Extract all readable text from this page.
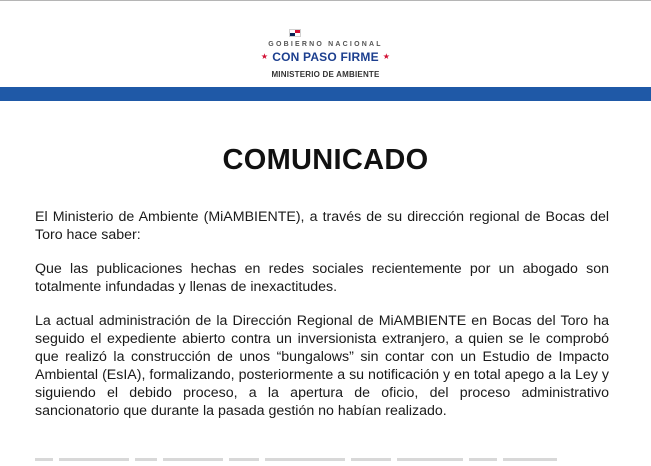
GOBIERNO NACIONAL
★ CON PASO FIRME ★
MINISTERIO DE AMBIENTE
COMUNICADO

El Ministerio de Ambiente (MiAMBIENTE), a través de su dirección regional de Bocas del Toro hace saber:

Que las publicaciones hechas en redes sociales recientemente por un abogado son totalmente infundadas y llenas de inexactitudes.

La actual administración de la Dirección Regional de MiAMBIENTE en Bocas del Toro ha seguido el expediente abierto contra un inversionista extranjero, a quien se le comprobó que realizó la construcción de unos “bungalows” sin contar con un Estudio de Impacto Ambiental (EsIA), formalizando, posteriormente a su notificación y en total apego a la Ley y siguiendo el debido proceso, a la apertura de oficio, del proceso administrativo sancionatorio que durante la pasada gestión no habían realizado.
